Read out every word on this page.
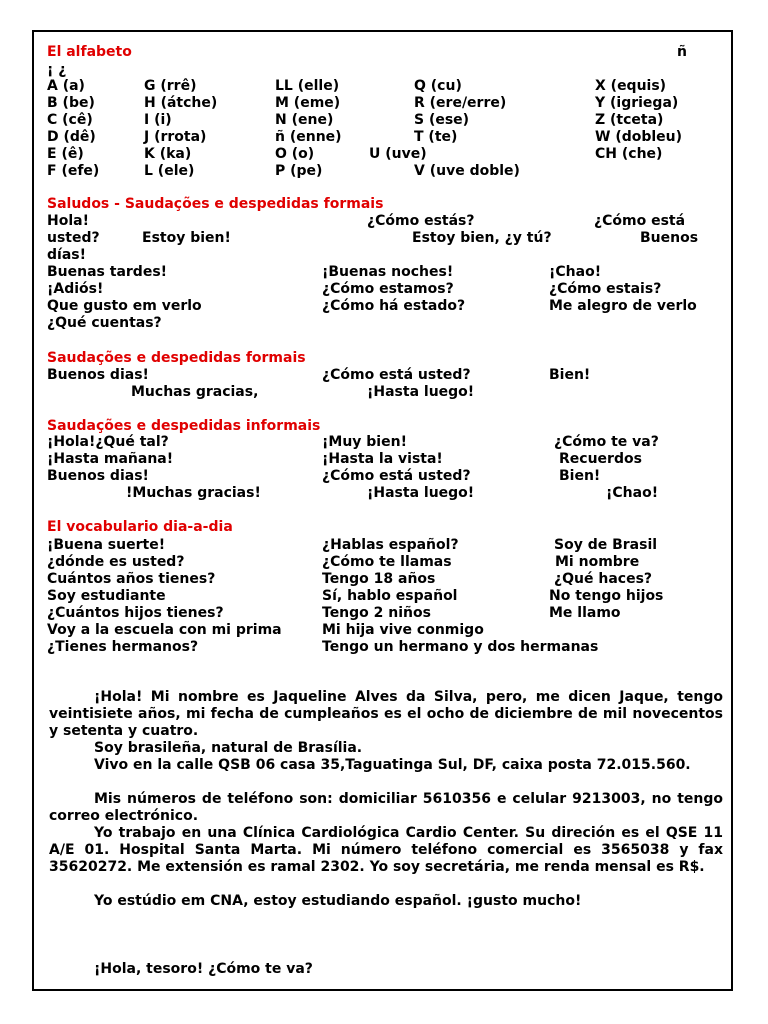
El alfabeto	ñ
¡ ¿
A (a)	G (rrê)	LL (elle)	Q (cu)	X (equis)
B (be)	H (átche)	M (eme)	R (ere/erre)	Y (igriega)
C (cê)	I (i)	N (ene)	S (ese)	Z (tceta)
D (dê)	J (rrota)	ñ (enne)	T (te)	W (dobleu)
E (ê)	K (ka)	O (o)	U (uve)	CH (che)
F (efe)	L (ele)	P (pe)	V (uve doble)
Saludos - Saudações e despedidas formais
Hola!	¿Cómo estás?	¿Cómo está
usted?	Estoy bien!	Estoy bien, ¿y tú?	Buenos
días!
Buenas tardes!	¡Buenas noches!	¡Chao!
¡Adiós!	¿Cómo estamos?	¿Cómo estais?
Que gusto em verlo	¿Cómo há estado?	Me alegro de verlo
¿Qué cuentas?
Saudações e despedidas formais
Buenos dias!	¿Cómo está usted?	Bien!
Muchas gracias,	¡Hasta luego!
Saudações e despedidas informais
¡Hola!¿Qué tal?	¡Muy bien!	¿Cómo te va?
¡Hasta mañana!	¡Hasta la vista!	Recuerdos
Buenos dias!	¿Cómo está usted?	Bien!
!Muchas gracias!	¡Hasta luego!	¡Chao!
El vocabulario dia-a-dia
¡Buena suerte!	¿Hablas español?	Soy de Brasil
¿dónde es usted?	¿Cómo te llamas	Mi nombre
Cuántos años tienes?	Tengo 18 años	¿Qué haces?
Soy estudiante	Sí, hablo español	No tengo hijos
¿Cuántos hijos tienes?	Tengo 2 niños	Me llamo
Voy a la escuela con mi prima	Mi hija vive conmigo
¿Tienes hermanos?	Tengo un hermano y dos hermanas
¡Hola! Mi nombre es Jaqueline Alves da Silva, pero, me dicen Jaque, tengo veintisiete años, mi fecha de cumpleaños es el ocho de diciembre de mil novecentos y setenta y cuatro.
Soy brasileña, natural de Brasília.
Vivo en la calle QSB 06 casa 35,Taguatinga Sul, DF, caixa posta 72.015.560.
Mis números de teléfono son: domiciliar 5610356 e celular 9213003, no tengo correo electrónico.
Yo trabajo en una Clínica Cardiológica Cardio Center. Su direción es el QSE 11 A/E 01. Hospital Santa Marta. Mi número teléfono comercial es 3565038 y fax 35620272. Me extensión es ramal 2302. Yo soy secretária, me renda mensal es R$.
Yo estúdio em CNA, estoy estudiando español. ¡gusto mucho!
¡Hola, tesoro! ¿Cómo te va?
